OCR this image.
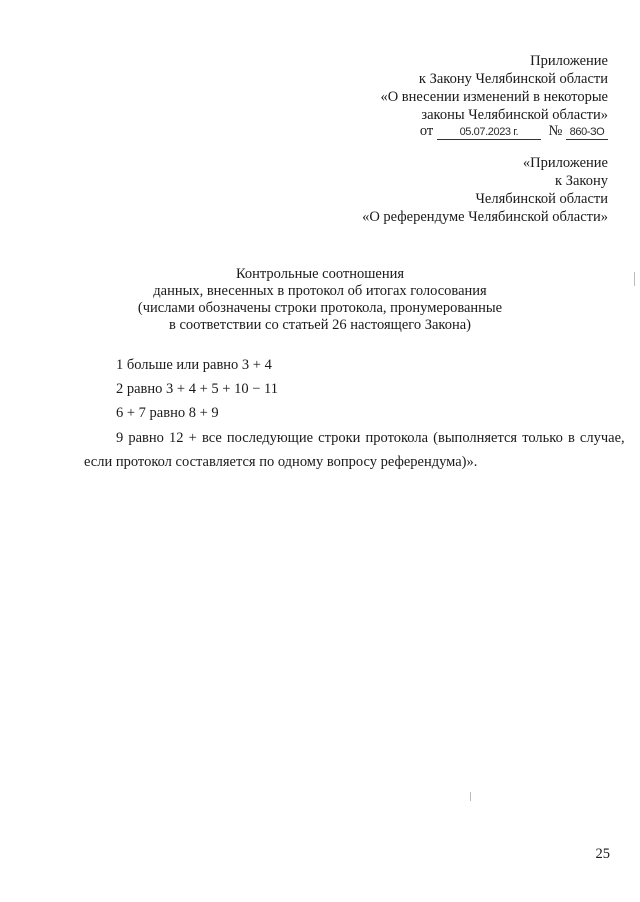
Приложение
к Закону Челябинской области
«О внесении изменений в некоторые
законы Челябинской области»
от 05.07.2023 г. № 860-ЗО
«Приложение
к Закону
Челябинской области
«О референдуме Челябинской области»
Контрольные соотношения
данных, внесенных в протокол об итогах голосования
(числами обозначены строки протокола, пронумерованные
в соответствии со статьей 26 настоящего Закона)
1 больше или равно 3 + 4
2 равно 3 + 4 + 5 + 10 − 11
6 + 7 равно 8 + 9
9 равно 12 + все последующие строки протокола (выполняется только в случае,
если протокол составляется по одному вопросу референдума)».
25
